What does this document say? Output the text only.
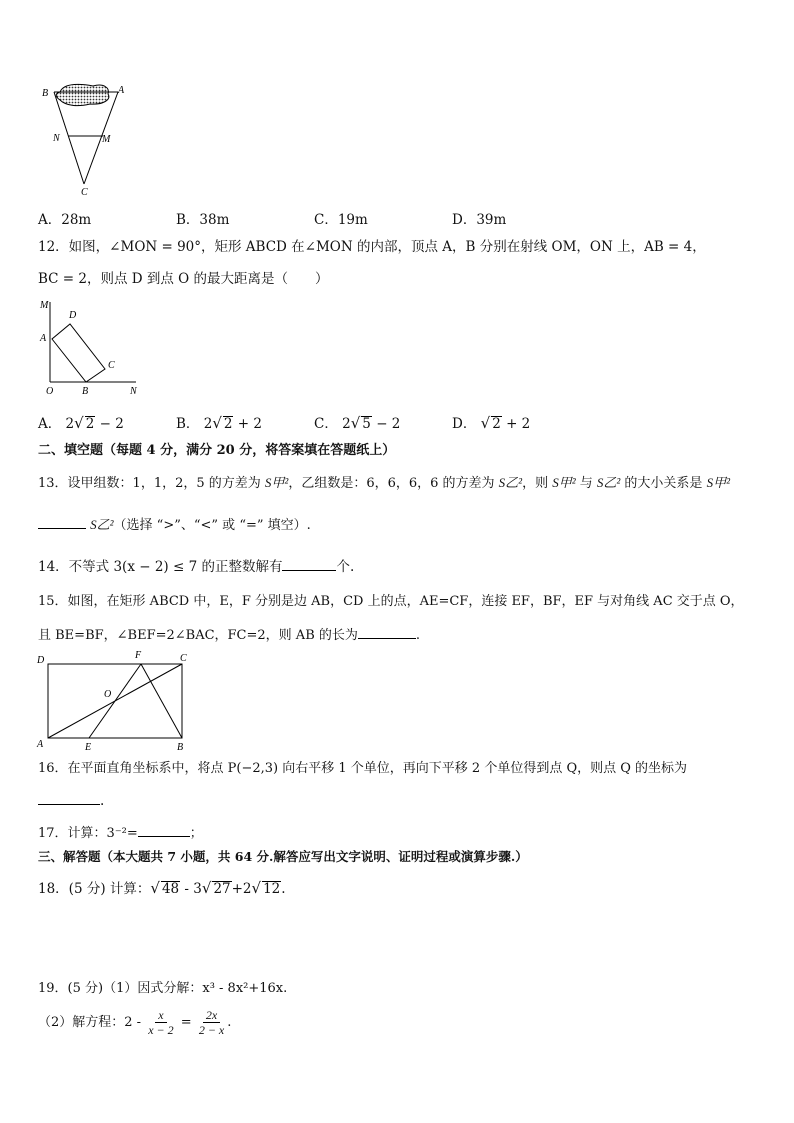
B	A
N	M
C
A．28m	B．38m	C．19m	D．39m
12．如图，∠MON = 90°，矩形 ABCD 在∠MON 的内部，顶点 A，B 分别在射线 OM，ON 上，AB = 4，
BC = 2，则点 D 到点 O 的最大距离是（　　）
M
D
A
C
O	B	N
A． 2√ 2 − 2	B． 2√ 2 + 2	C． 2√ 5 − 2	D． √ 2 + 2
二、填空题（每题 4 分，满分 20 分，将答案填在答题纸上）
13．设甲组数：1，1，2，5 的方差为 S甲²，乙组数是：6，6，6，6 的方差为 S乙²，则 S甲² 与 S乙² 的大小关系是 S甲²
S乙²（选择 “>”、“<” 或 “=” 填空）.
14．不等式 3(x − 2) ≤ 7 的正整数解有	个.
15．如图，在矩形 ABCD 中，E，F 分别是边 AB，CD 上的点，AE=CF，连接 EF，BF，EF 与对角线 AC 交于点 O，
且 BE=BF，∠BEF=2∠BAC，FC=2，则 AB 的长为	.
D	F	C
O
A	E	B
16．在平面直角坐标系中，将点 P(−2,3) 向右平移 1 个单位，再向下平移 2 个单位得到点 Q，则点 Q 的坐标为
.
17．计算：3⁻²=	；
三、解答题（本大题共 7 小题，共 64 分.解答应写出文字说明、证明过程或演算步骤.）
18．(5 分) 计算：√ 48 - 3√ 27+2√ 12.
19．(5 分)（1）因式分解：x³ - 8x²+16x.
（2）解方程：$2 - \frac{x}{x - 2} = \frac{2x}{2 - x}$ .
